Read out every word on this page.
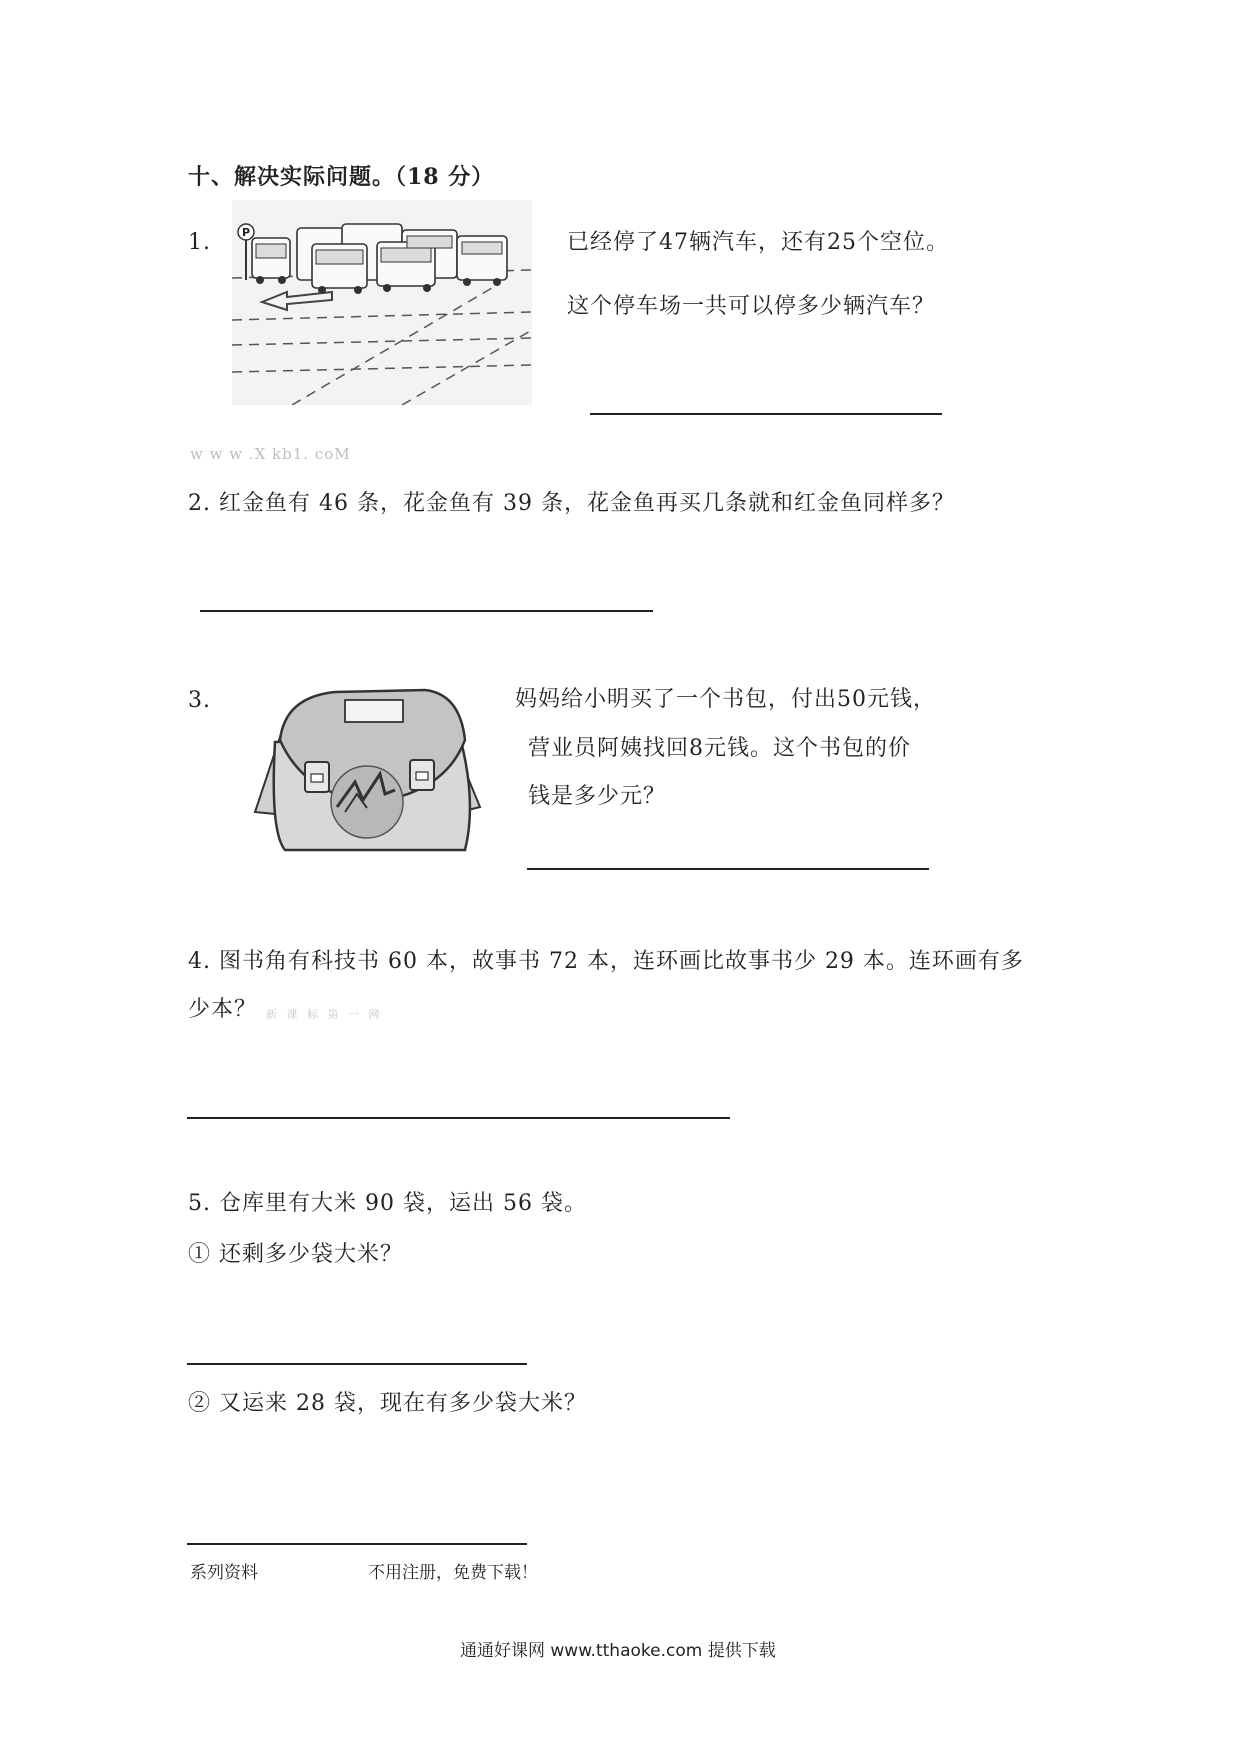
十、解决实际问题。（18 分）
1.	P	已经停了47辆汽车，还有25个空位。
这个停车场一共可以停多少辆汽车？
w w w .X kb1. coM
2. 红金鱼有 46 条，花金鱼有 39 条，花金鱼再买几条就和红金鱼同样多？
3.	妈妈给小明买了一个书包，付出50元钱，
营业员阿姨找回8元钱。这个书包的价
钱是多少元？
4. 图书角有科技书 60 本，故事书 72 本，连环画比故事书少 29 本。连环画有多
少本？ 新 课 标 第 一 网
5. 仓库里有大米 90 袋，运出 56 袋。
① 还剩多少袋大米？
② 又运来 28 袋，现在有多少袋大米？
系列资料	不用注册，免费下载！
通通好课网 www.tthaoke.com 提供下载
